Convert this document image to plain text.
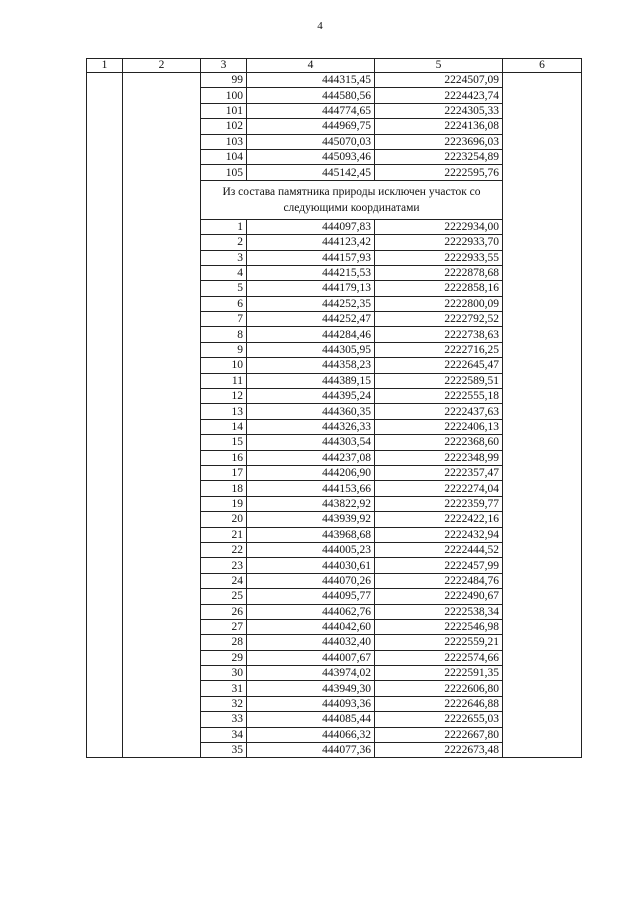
4
1	2	3	4	5	6
		99	444315,45	2224507,09	
		100	444580,56	2224423,74	
		101	444774,65	2224305,33	
		102	444969,75	2224136,08	
		103	445070,03	2223696,03	
		104	445093,46	2223254,89	
		105	445142,45	2222595,76	
		Из состава памятника природы исключен участок со следующими координатами			
		1	444097,83	2222934,00	
		2	444123,42	2222933,70	
		3	444157,93	2222933,55	
		4	444215,53	2222878,68	
		5	444179,13	2222858,16	
		6	444252,35	2222800,09	
		7	444252,47	2222792,52	
		8	444284,46	2222738,63	
		9	444305,95	2222716,25	
		10	444358,23	2222645,47	
		11	444389,15	2222589,51	
		12	444395,24	2222555,18	
		13	444360,35	2222437,63	
		14	444326,33	2222406,13	
		15	444303,54	2222368,60	
		16	444237,08	2222348,99	
		17	444206,90	2222357,47	
		18	444153,66	2222274,04	
		19	443822,92	2222359,77	
		20	443939,92	2222422,16	
		21	443968,68	2222432,94	
		22	444005,23	2222444,52	
		23	444030,61	2222457,99	
		24	444070,26	2222484,76	
		25	444095,77	2222490,67	
		26	444062,76	2222538,34	
		27	444042,60	2222546,98	
		28	444032,40	2222559,21	
		29	444007,67	2222574,66	
		30	443974,02	2222591,35	
		31	443949,30	2222606,80	
		32	444093,36	2222646,88	
		33	444085,44	2222655,03	
		34	444066,32	2222667,80	
		35	444077,36	2222673,48	
